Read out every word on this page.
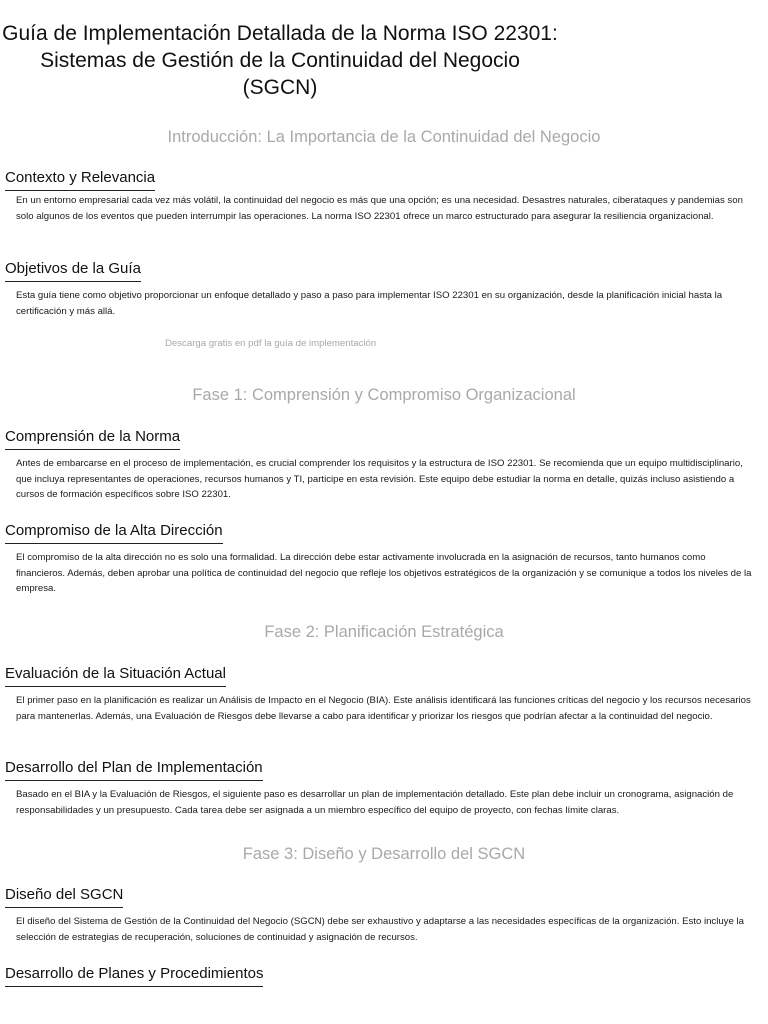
Guía de Implementación Detallada de la Norma ISO 22301: Sistemas de Gestión de la Continuidad del Negocio (SGCN)
Introducción: La Importancia de la Continuidad del Negocio
Contexto y Relevancia

En un entorno empresarial cada vez más volátil, la continuidad del negocio es más que una opción; es una necesidad. Desastres naturales, ciberataques y pandemias son solo algunos de los eventos que pueden interrumpir las operaciones. La norma ISO 22301 ofrece un marco estructurado para asegurar la resiliencia organizacional.

Objetivos de la Guía

Esta guía tiene como objetivo proporcionar un enfoque detallado y paso a paso para implementar ISO 22301 en su organización, desde la planificación inicial hasta la certificación y más allá.

Descarga gratis en pdf la guía de implementación
Fase 1: Comprensión y Compromiso Organizacional
Comprensión de la Norma

Antes de embarcarse en el proceso de implementación, es crucial comprender los requisitos y la estructura de ISO 22301. Se recomienda que un equipo multidisciplinario, que incluya representantes de operaciones, recursos humanos y TI, participe en esta revisión. Este equipo debe estudiar la norma en detalle, quizás incluso asistiendo a cursos de formación específicos sobre ISO 22301.

Compromiso de la Alta Dirección

El compromiso de la alta dirección no es solo una formalidad. La dirección debe estar activamente involucrada en la asignación de recursos, tanto humanos como financieros. Además, deben aprobar una política de continuidad del negocio que refleje los objetivos estratégicos de la organización y se comunique a todos los niveles de la empresa.

Fase 2: Planificación Estratégica
Evaluación de la Situación Actual

El primer paso en la planificación es realizar un Análisis de Impacto en el Negocio (BIA). Este análisis identificará las funciones críticas del negocio y los recursos necesarios para mantenerlas. Además, una Evaluación de Riesgos debe llevarse a cabo para identificar y priorizar los riesgos que podrían afectar a la continuidad del negocio.

Desarrollo del Plan de Implementación

Basado en el BIA y la Evaluación de Riesgos, el siguiente paso es desarrollar un plan de implementación detallado. Este plan debe incluir un cronograma, asignación de responsabilidades y un presupuesto. Cada tarea debe ser asignada a un miembro específico del equipo de proyecto, con fechas límite claras.

Fase 3: Diseño y Desarrollo del SGCN
Diseño del SGCN

El diseño del Sistema de Gestión de la Continuidad del Negocio (SGCN) debe ser exhaustivo y adaptarse a las necesidades específicas de la organización. Esto incluye la selección de estrategias de recuperación, soluciones de continuidad y asignación de recursos.

Desarrollo de Planes y Procedimientos
